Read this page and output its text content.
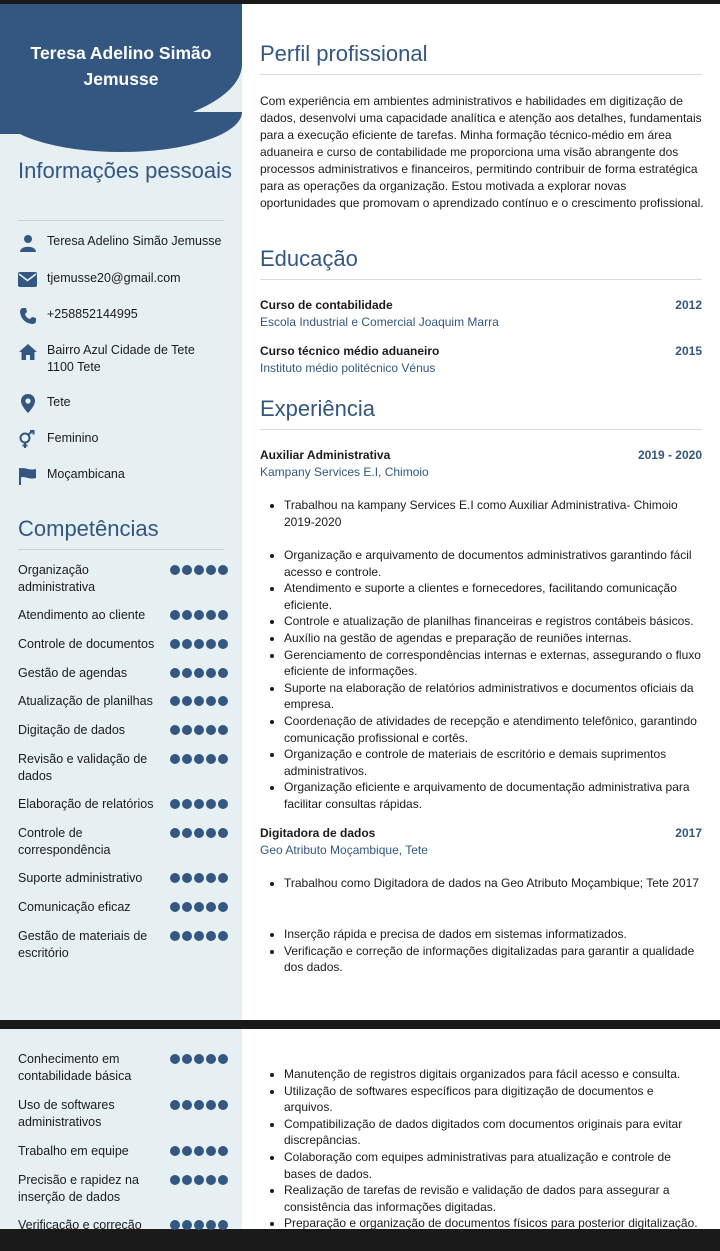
Teresa Adelino Simão Jemusse
Informações pessoais
Teresa Adelino Simão Jemusse
tjemusse20@gmail.com
+258852144995
Bairro Azul Cidade de Tete 1100 Tete
Tete
Feminino
Moçambicana
Competências
Organização administrativa
Atendimento ao cliente
Controle de documentos
Gestão de agendas
Atualização de planilhas
Digitação de dados
Revisão e validação de dados
Elaboração de relatórios
Controle de correspondência
Suporte administrativo
Comunicação eficaz
Gestão de materiais de escritório
Perfil profissional
Com experiência em ambientes administrativos e habilidades em digitização de dados, desenvolvi uma capacidade analítica e atenção aos detalhes, fundamentais para a execução eficiente de tarefas. Minha formação técnico-médio em área aduaneira e curso de contabilidade me proporciona uma visão abrangente dos processos administrativos e financeiros, permitindo contribuir de forma estratégica para as operações da organização. Estou motivada a explorar novas oportunidades que promovam o aprendizado contínuo e o crescimento profissional.
Educação
Curso de contabilidade	2012
Escola Industrial e Comercial Joaquim Marra
Curso técnico médio aduaneiro	2015
Instituto médio politécnico Vénus
Experiência
Auxiliar Administrativa	2019 - 2020
Kampany Services E.I, Chimoio
Trabalhou na kampany Services E.I como Auxiliar Administrativa- Chimoio 2019-2020
Organização e arquivamento de documentos administrativos garantindo fácil acesso e controle.
Atendimento e suporte a clientes e fornecedores, facilitando comunicação eficiente.
Controle e atualização de planilhas financeiras e registros contábeis básicos.
Auxílio na gestão de agendas e preparação de reuniões internas.
Gerenciamento de correspondências internas e externas, assegurando o fluxo eficiente de informações.
Suporte na elaboração de relatórios administrativos e documentos oficiais da empresa.
Coordenação de atividades de recepção e atendimento telefônico, garantindo comunicação profissional e cortês.
Organização e controle de materiais de escritório e demais suprimentos administrativos.
Organização eficiente e arquivamento de documentação administrativa para facilitar consultas rápidas.
Digitadora de dados	2017
Geo Atributo Moçambique, Tete
Trabalhou como Digitadora de dados na Geo Atributo Moçambique; Tete 2017
Inserção rápida e precisa de dados em sistemas informatizados.
Verificação e correção de informações digitalizadas para garantir a qualidade dos dados.
Conhecimento em contabilidade básica
Uso de softwares administrativos
Trabalho em equipe
Precisão e rapidez na inserção de dados
Verificação e correção de
Manutenção de registros digitais organizados para fácil acesso e consulta.
Utilização de softwares específicos para digitização de documentos e arquivos.
Compatibilização de dados digitados com documentos originais para evitar discrepâncias.
Colaboração com equipes administrativas para atualização e controle de bases de dados.
Realização de tarefas de revisão e validação de dados para assegurar a consistência das informações digitadas.
Preparação e organização de documentos físicos para posterior digitalização.
